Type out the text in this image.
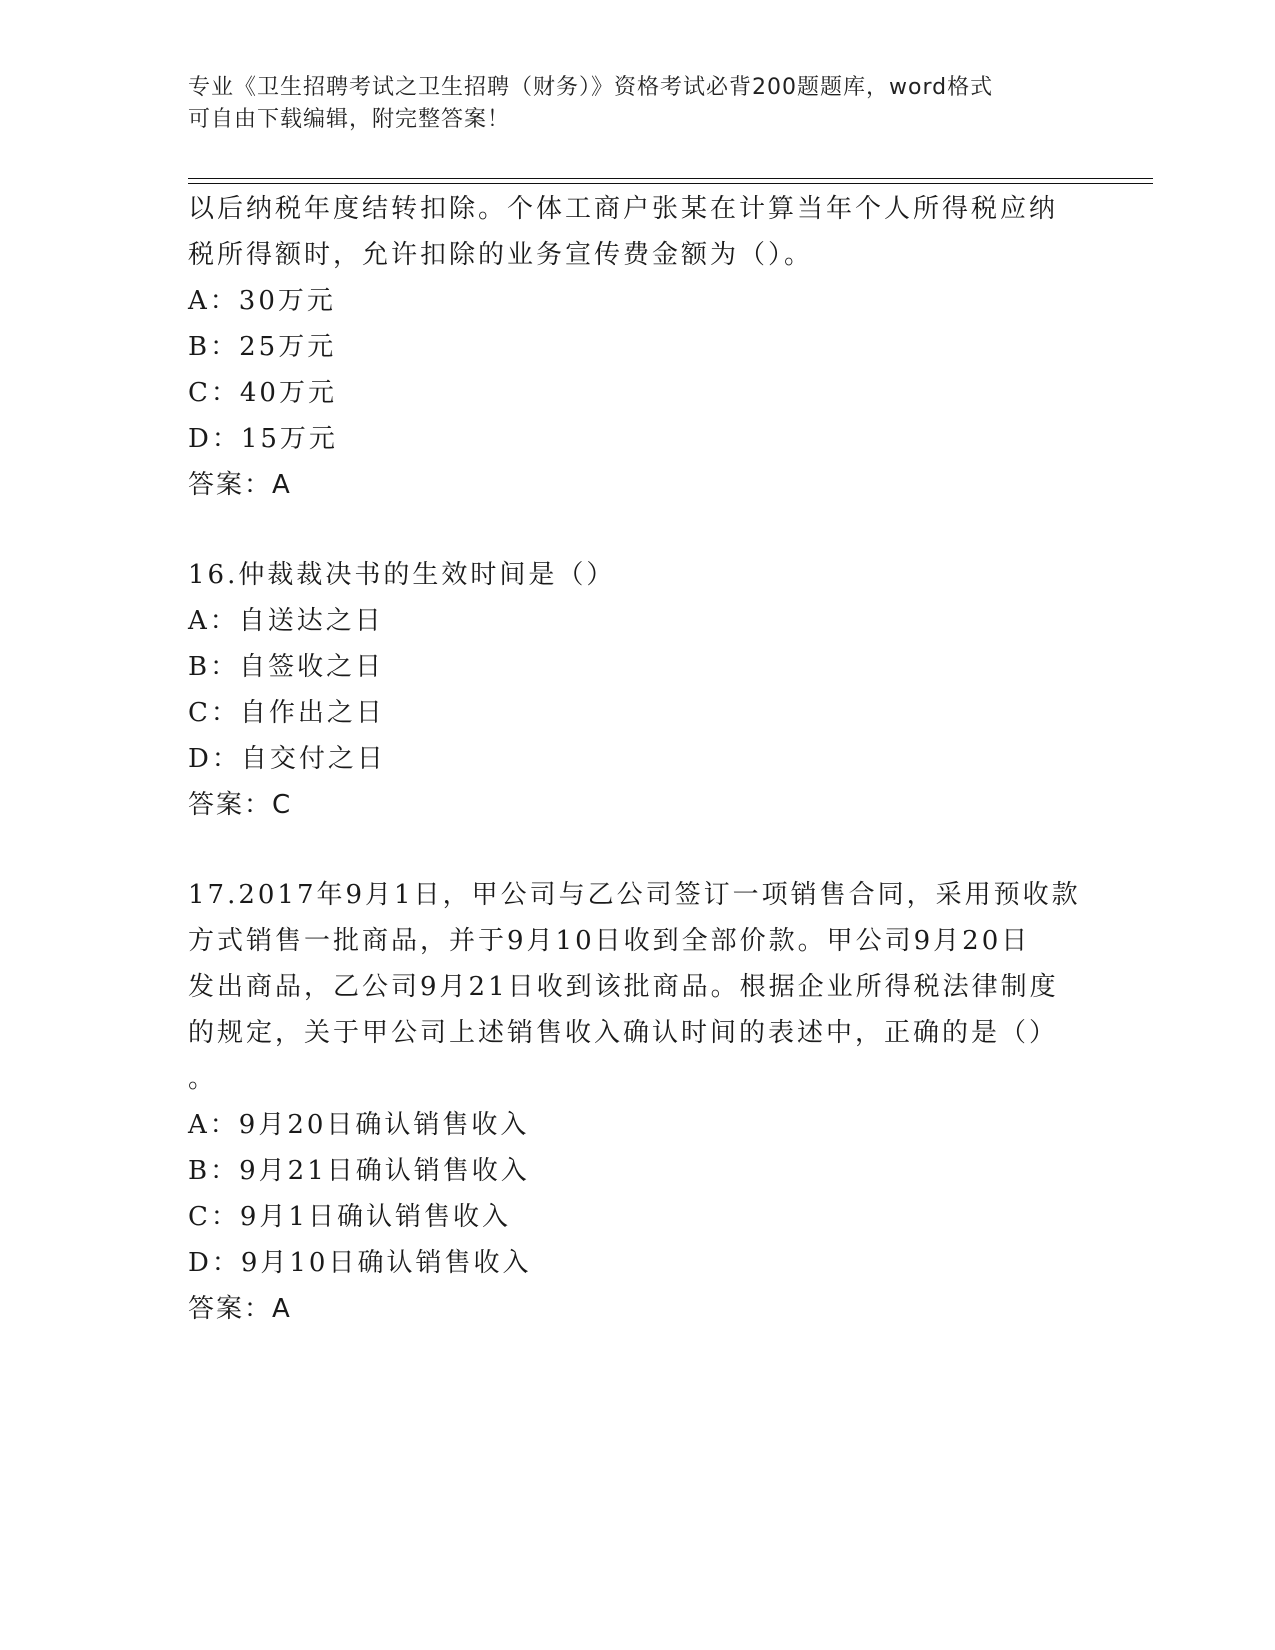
专业《卫生招聘考试之卫生招聘（财务）》资格考试必背200题题库，word格式
可自由下载编辑，附完整答案！

以后纳税年度结转扣除。个体工商户张某在计算当年个人所得税应纳

税所得额时，允许扣除的业务宣传费金额为（）。

A：30万元

B：25万元

C：40万元

D：15万元

答案：A

16.仲裁裁决书的生效时间是（）

A：自送达之日

B：自签收之日

C：自作出之日

D：自交付之日

答案：C

17.2017年9月1日，甲公司与乙公司签订一项销售合同，采用预收款

方式销售一批商品，并于9月10日收到全部价款。甲公司9月20日

发出商品，乙公司9月21日收到该批商品。根据企业所得税法律制度

的规定，关于甲公司上述销售收入确认时间的表述中，正确的是（）

。

A：9月20日确认销售收入

B：9月21日确认销售收入

C：9月1日确认销售收入

D：9月10日确认销售收入

答案：A
